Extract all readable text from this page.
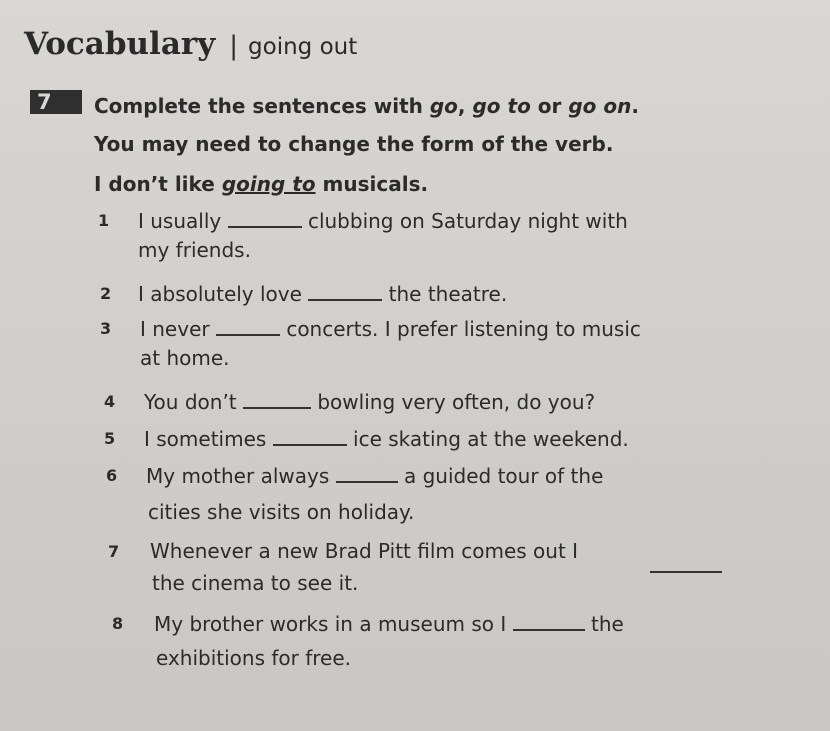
Vocabulary | going out
7 Complete the sentences with go, go to or go on.
You may need to change the form of the verb.
I don’t like going to musicals.
1 I usually	clubbing on Saturday night with
my friends.
2 I absolutely love	the theatre.
3 I never	concerts. I prefer listening to music
at home.
4 You don’t	bowling very often, do you?
5 I sometimes	ice skating at the weekend.
6 My mother always	a guided tour of the
cities she visits on holiday.
7 Whenever a new Brad Pitt film comes out I
the cinema to see it.
8 My brother works in a museum so I	the
exhibitions for free.
